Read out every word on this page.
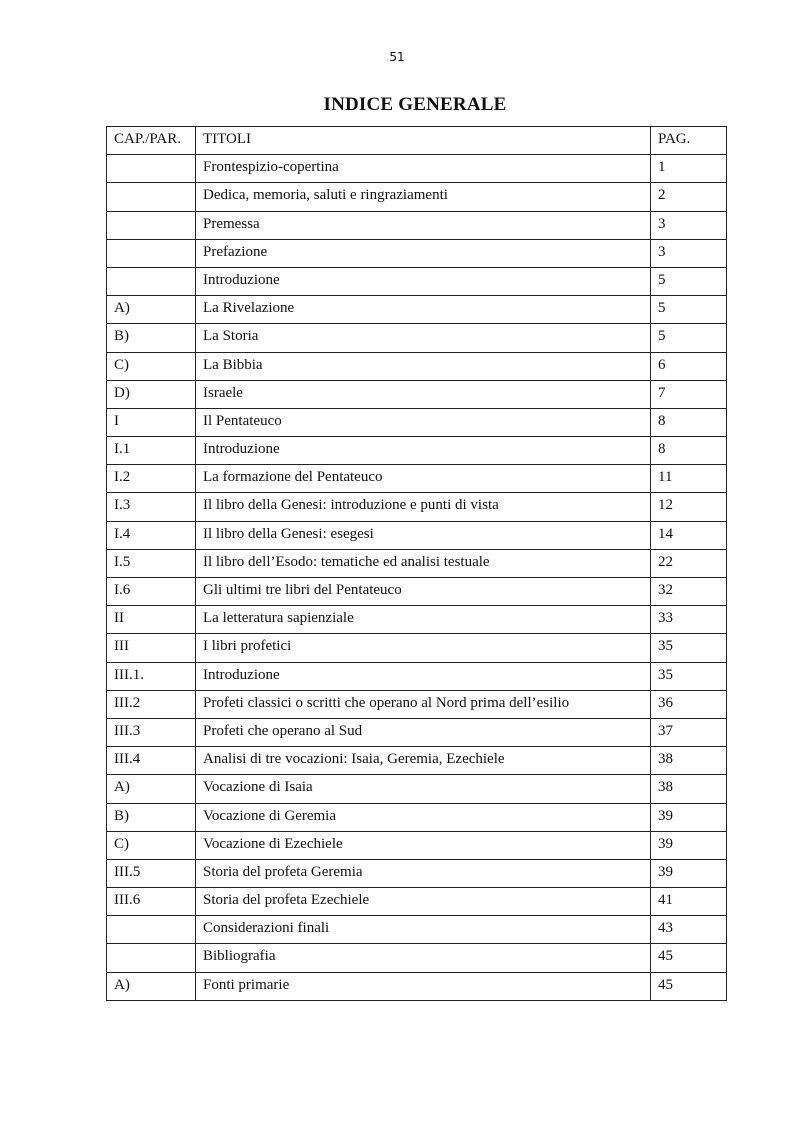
51
INDICE GENERALE
CAP./PAR.	TITOLI	PAG.
	Frontespizio-copertina	1
	Dedica, memoria, saluti e ringraziamenti	2
	Premessa	3
	Prefazione	3
	Introduzione	5
A)	La Rivelazione	5
B)	La Storia	5
C)	La Bibbia	6
D)	Israele	7
I	Il Pentateuco	8
I.1	Introduzione	8
I.2	La formazione del Pentateuco	11
I.3	Il libro della Genesi: introduzione e punti di vista	12
I.4	Il libro della Genesi: esegesi	14
I.5	Il libro dell’Esodo: tematiche ed analisi testuale	22
I.6	Gli ultimi tre libri del Pentateuco	32
II	La letteratura sapienziale	33
III	I libri profetici	35
III.1.	Introduzione	35
III.2	Profeti classici o scritti che operano al Nord prima dell’esilio	36
III.3	Profeti che operano al Sud	37
III.4	Analisi di tre vocazioni: Isaia, Geremia, Ezechiele	38
A)	Vocazione di Isaia	38
B)	Vocazione di Geremia	39
C)	Vocazione di Ezechiele	39
III.5	Storia del profeta Geremia	39
III.6	Storia del profeta Ezechiele	41
	Considerazioni finali	43
	Bibliografia	45
A)	Fonti primarie	45
